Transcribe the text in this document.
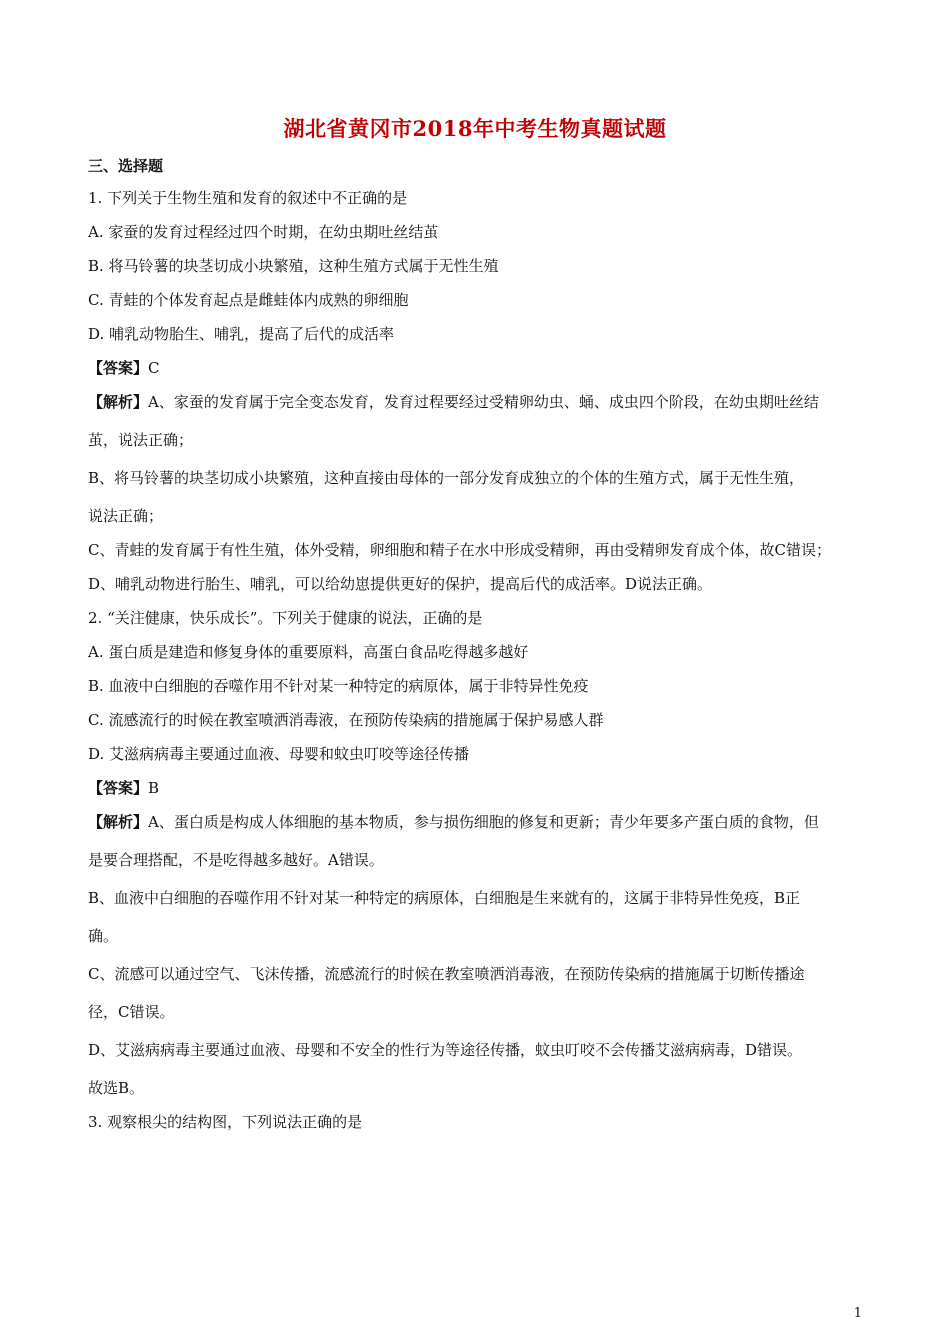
湖北省黄冈市2018年中考生物真题试题
三、选择题
1. 下列关于生物生殖和发育的叙述中不正确的是
A. 家蚕的发育过程经过四个时期，在幼虫期吐丝结茧
B. 将马铃薯的块茎切成小块繁殖，这种生殖方式属于无性生殖
C. 青蛙的个体发育起点是雌蛙体内成熟的卵细胞
D. 哺乳动物胎生、哺乳，提高了后代的成活率
【答案】C
【解析】A、家蚕的发育属于完全变态发育，发育过程要经过受精卵幼虫、蛹、成虫四个阶段，在幼虫期吐丝结
茧，说法正确；
B、将马铃薯的块茎切成小块繁殖，这种直接由母体的一部分发育成独立的个体的生殖方式，属于无性生殖，
说法正确；
C、青蛙的发育属于有性生殖，体外受精，卵细胞和精子在水中形成受精卵，再由受精卵发育成个体，故C错误；
D、哺乳动物进行胎生、哺乳，可以给幼崽提供更好的保护，提高后代的成活率。D说法正确。
2. “关注健康，快乐成长”。下列关于健康的说法，正确的是
A. 蛋白质是建造和修复身体的重要原料，高蛋白食品吃得越多越好
B. 血液中白细胞的吞噬作用不针对某一种特定的病原体，属于非特异性免疫
C. 流感流行的时候在教室喷洒消毒液，在预防传染病的措施属于保护易感人群
D. 艾滋病病毒主要通过血液、母婴和蚊虫叮咬等途径传播
【答案】B
【解析】A、蛋白质是构成人体细胞的基本物质，参与损伤细胞的修复和更新；青少年要多产蛋白质的食物，但
是要合理搭配，不是吃得越多越好。A错误。
B、血液中白细胞的吞噬作用不针对某一种特定的病原体，白细胞是生来就有的，这属于非特异性免疫，B正
确。
C、流感可以通过空气、飞沫传播，流感流行的时候在教室喷洒消毒液，在预防传染病的措施属于切断传播途
径，C错误。
D、艾滋病病毒主要通过血液、母婴和不安全的性行为等途径传播，蚊虫叮咬不会传播艾滋病病毒，D错误。
故选B。
3. 观察根尖的结构图，下列说法正确的是
1
